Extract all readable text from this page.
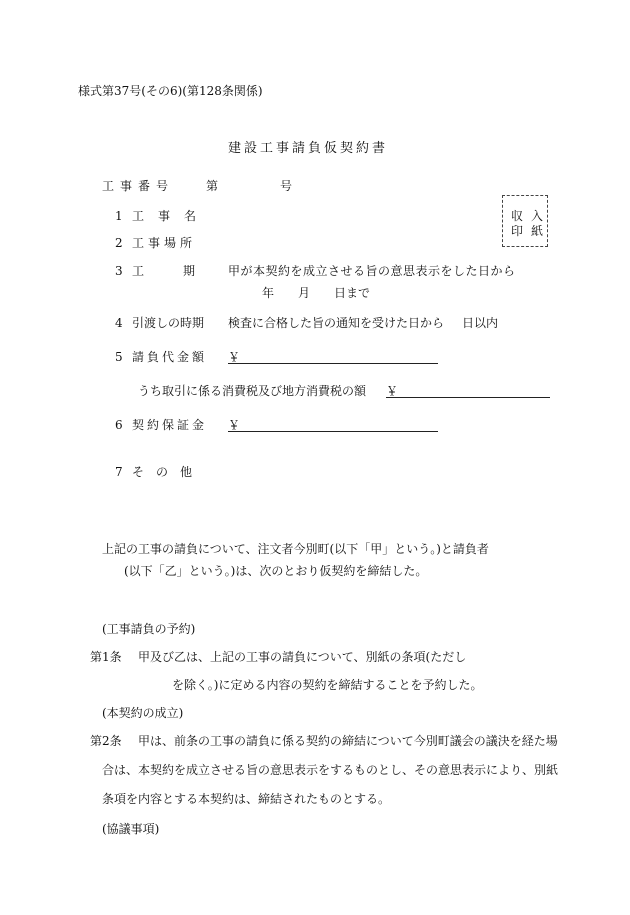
様式第37号(その6)(第128条関係)
建設工事請負仮契約書
工事番号	第	号
収 入
印 紙
1 工事名
2 工事場所
3 工　　期 甲が本契約を成立させる旨の意思表示をした日から
年　　月　　日まで
4 引渡しの時期 検査に合格した旨の通知を受けた日から 日以内
5 請負代金額 ￥
うち取引に係る消費税及び地方消費税の額 ￥
6 契約保証金 ￥
7 そ　の　他
上記の工事の請負について、注文者今別町(以下「甲」という。)と請負者
(以下「乙」という。)は、次のとおり仮契約を締結した。
(工事請負の予約)
第1条 甲及び乙は、上記の工事の請負について、別紙の条項(ただし
を除く。)に定める内容の契約を締結することを予約した。
(本契約の成立)
第2条 甲は、前条の工事の請負に係る契約の締結について今別町議会の議決を経た場
合は、本契約を成立させる旨の意思表示をするものとし、その意思表示により、別紙
条項を内容とする本契約は、締結されたものとする。
(協議事項)
